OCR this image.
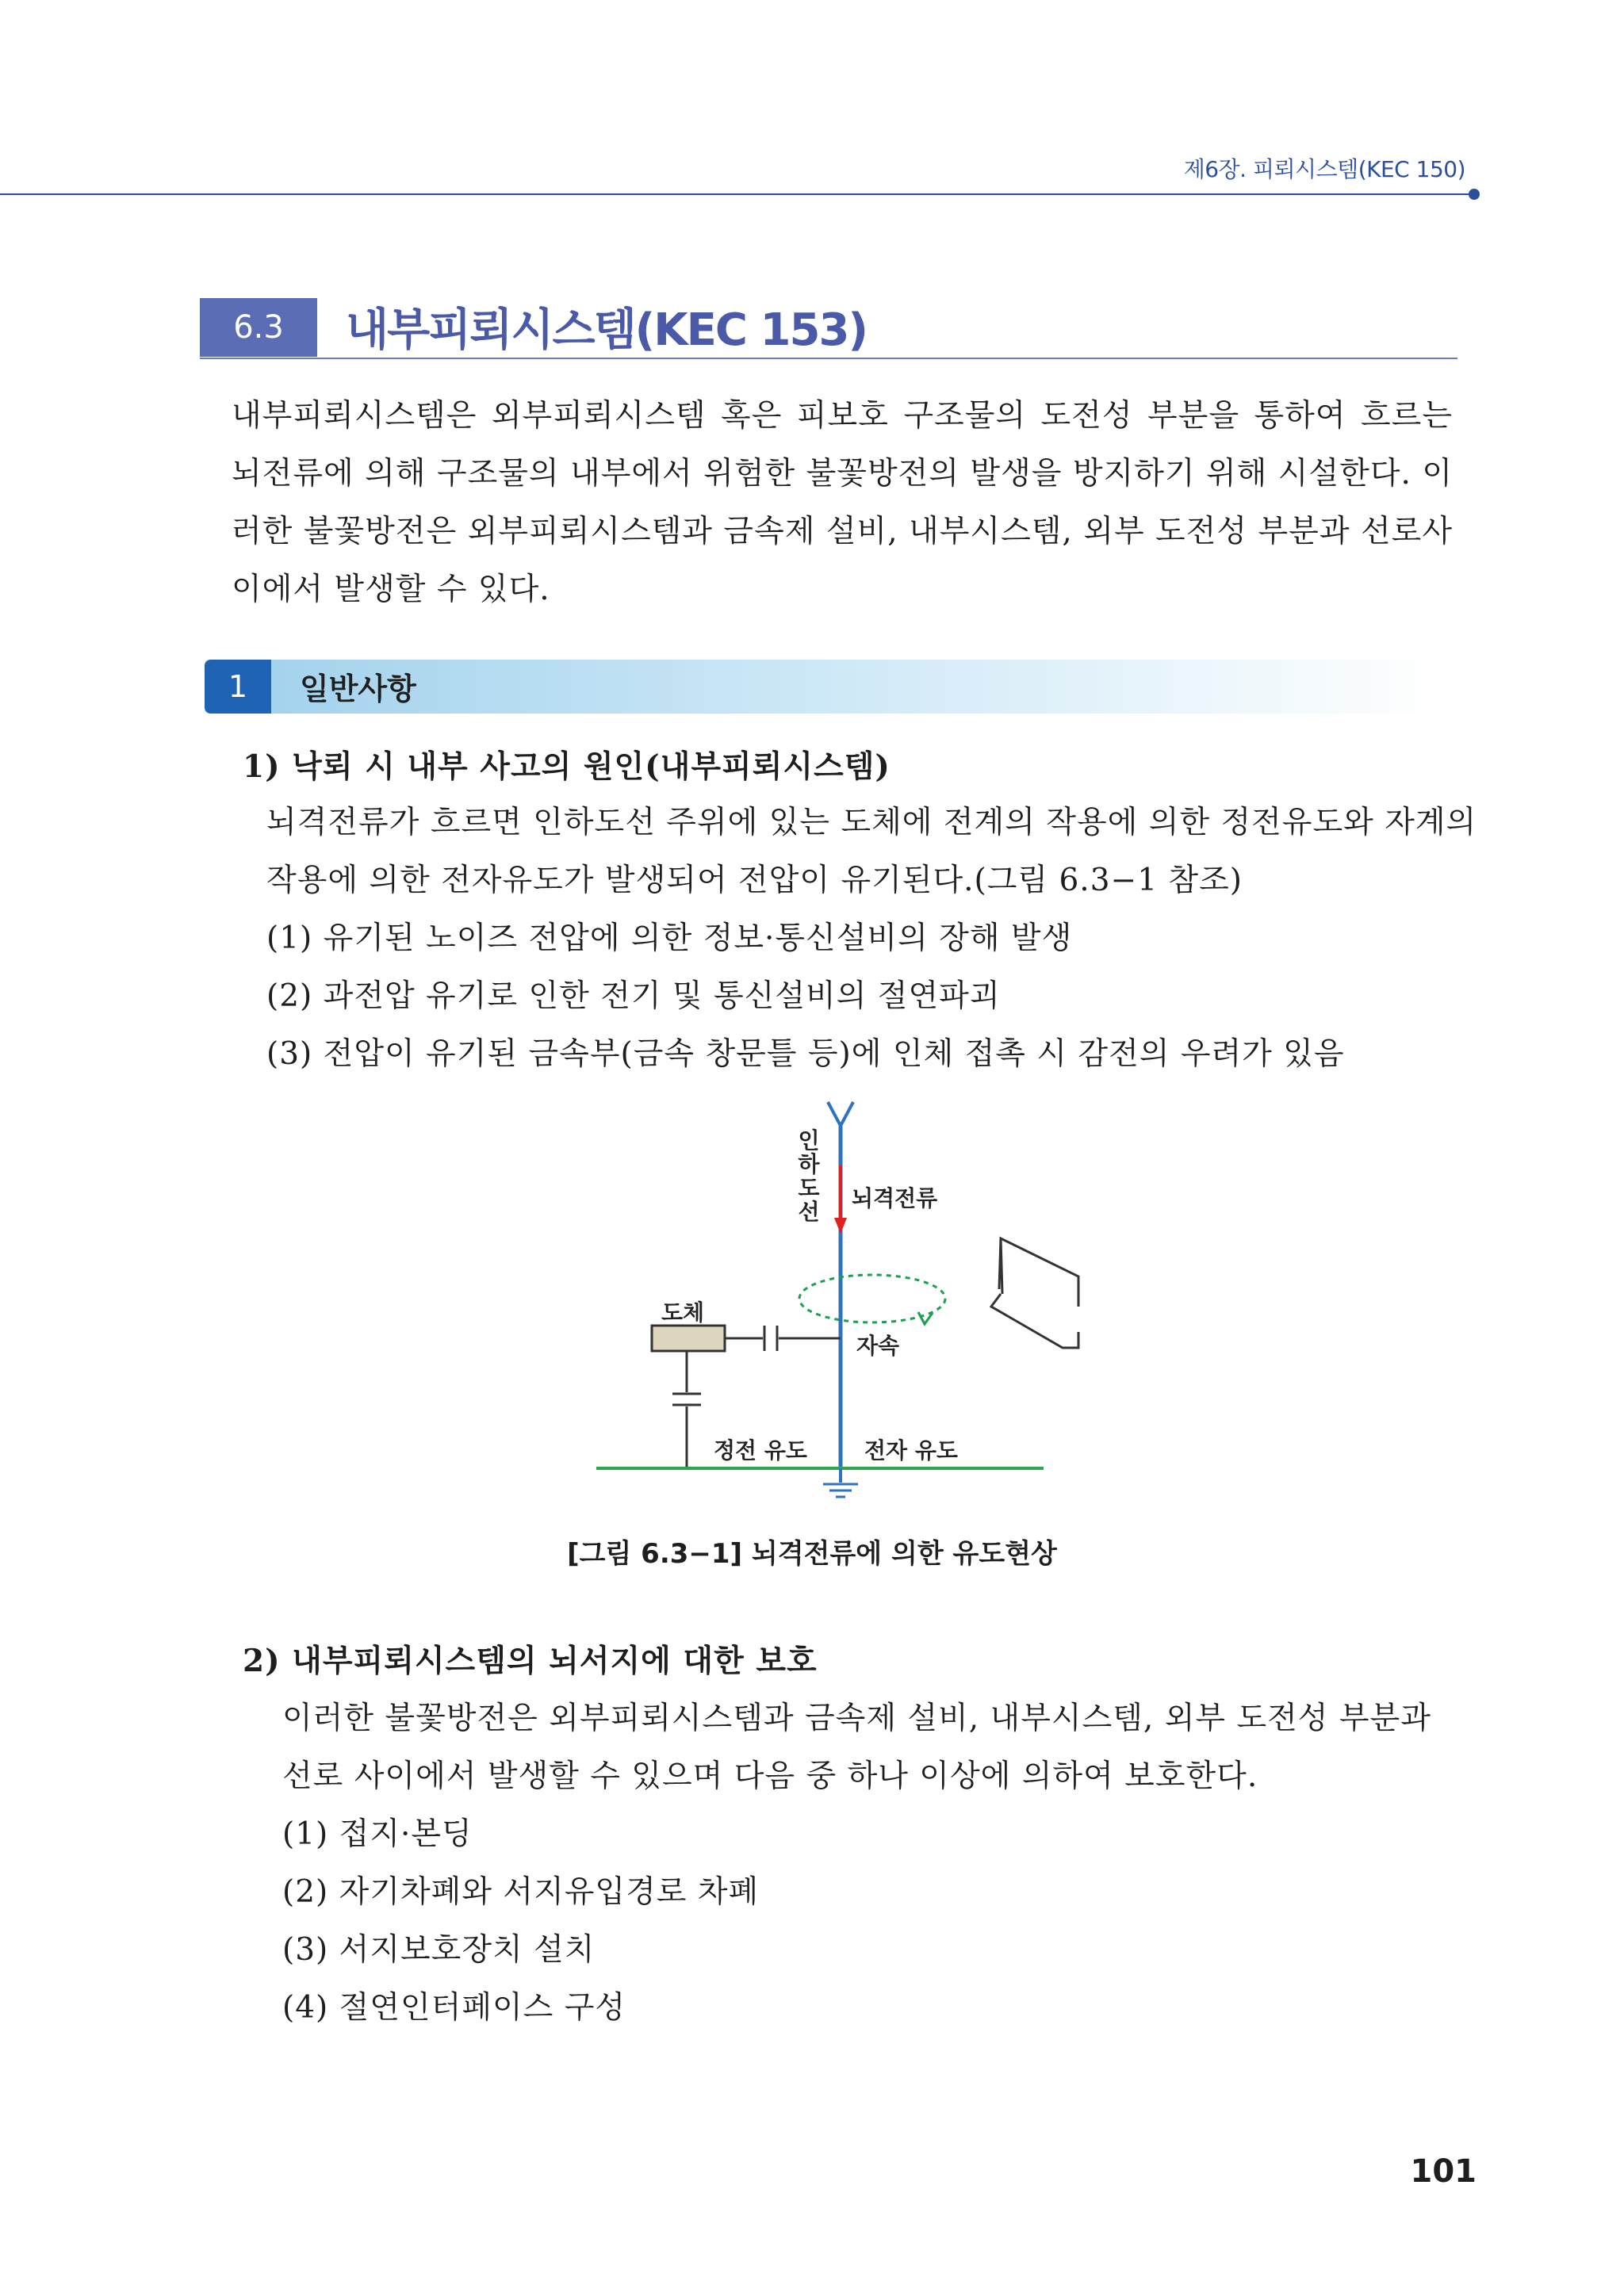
제6장. 피뢰시스템(KEC 150)
6.3	내부피뢰시스템(KEC 153)
내부피뢰시스템은 외부피뢰시스템 혹은 피보호 구조물의 도전성 부분을 통하여 흐르는 뇌전류에 의해 구조물의 내부에서 위험한 불꽃방전의 발생을 방지하기 위해 시설한다. 이러한 불꽃방전은 외부피뢰시스템과 금속제 설비, 내부시스템, 외부 도전성 부분과 선로사이에서 발생할 수 있다.
1	일반사항
1) 낙뢰 시 내부 사고의 원인(내부피뢰시스템)
뇌격전류가 흐르면 인하도선 주위에 있는 도체에 전계의 작용에 의한 정전유도와 자계의
작용에 의한 전자유도가 발생되어 전압이 유기된다.(그림 6.3−1 참조)
(1) 유기된 노이즈 전압에 의한 정보·통신설비의 장해 발생
(2) 과전압 유기로 인한 전기 및 통신설비의 절연파괴
(3) 전압이 유기된 금속부(금속 창문틀 등)에 인체 접촉 시 감전의 우려가 있음
인하도선
뇌격전류
도체
자속
정전 유도	전자 유도
[그림 6.3−1] 뇌격전류에 의한 유도현상
2) 내부피뢰시스템의 뇌서지에 대한 보호
이러한 불꽃방전은 외부피뢰시스템과 금속제 설비, 내부시스템, 외부 도전성 부분과
선로 사이에서 발생할 수 있으며 다음 중 하나 이상에 의하여 보호한다.
(1) 접지·본딩
(2) 자기차폐와 서지유입경로 차폐
(3) 서지보호장치 설치
(4) 절연인터페이스 구성
101
